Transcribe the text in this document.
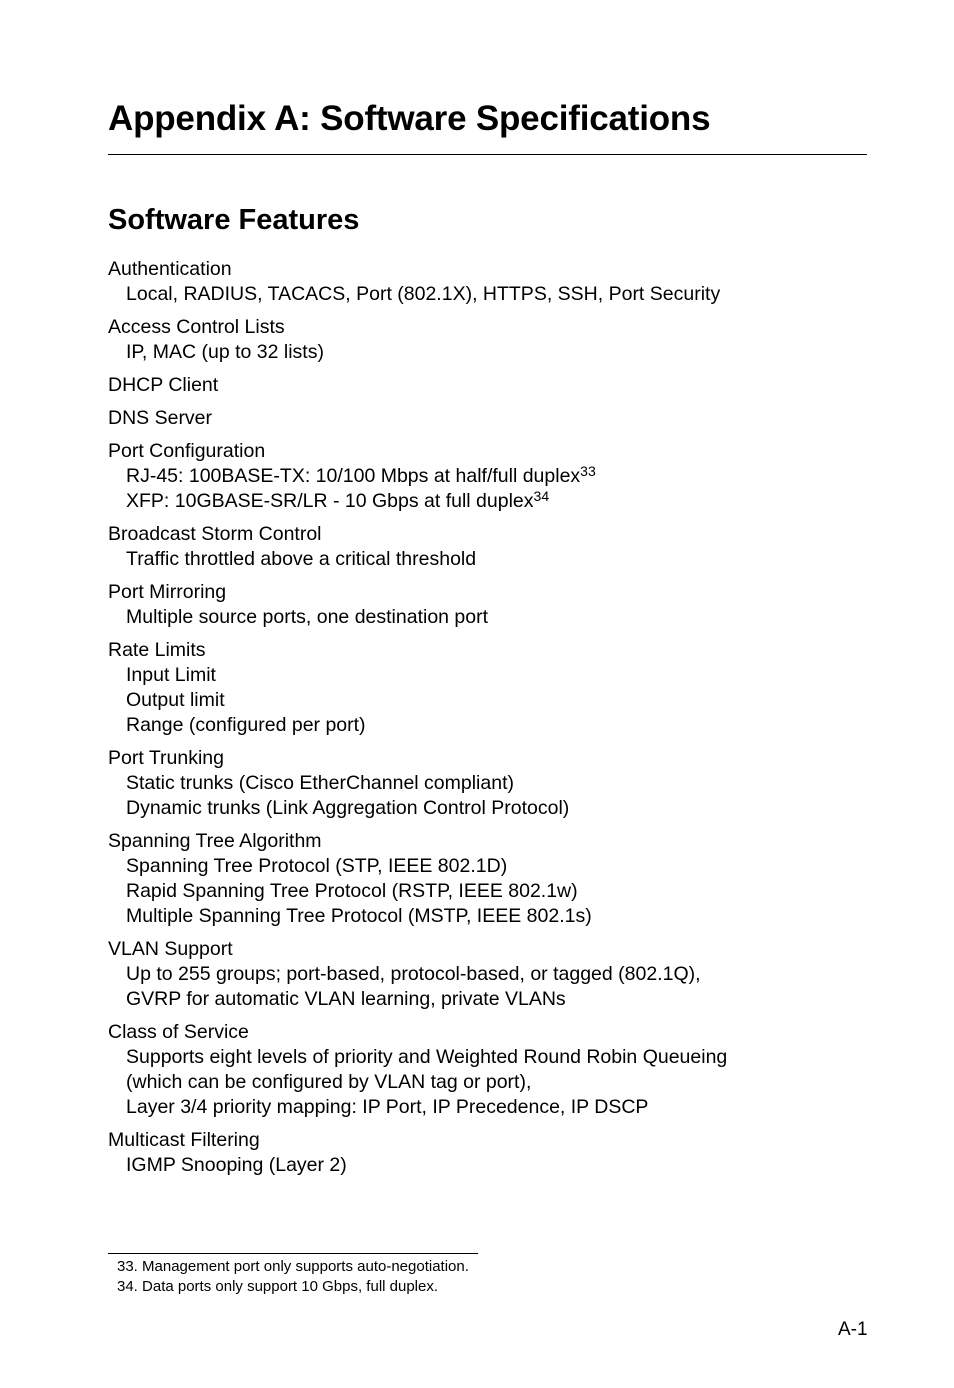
Appendix A: Software Specifications
Software Features
Authentication
Local, RADIUS, TACACS, Port (802.1X), HTTPS, SSH, Port Security
Access Control Lists
IP, MAC (up to 32 lists)
DHCP Client
DNS Server
Port Configuration
RJ-45: 100BASE-TX: 10/100 Mbps at half/full duplex$^{33}$
XFP: 10GBASE-SR/LR - 10 Gbps at full duplex$^{34}$
Broadcast Storm Control
Traffic throttled above a critical threshold
Port Mirroring
Multiple source ports, one destination port
Rate Limits
Input Limit
Output limit
Range (configured per port)
Port Trunking
Static trunks (Cisco EtherChannel compliant)
Dynamic trunks (Link Aggregation Control Protocol)
Spanning Tree Algorithm
Spanning Tree Protocol (STP, IEEE 802.1D)
Rapid Spanning Tree Protocol (RSTP, IEEE 802.1w)
Multiple Spanning Tree Protocol (MSTP, IEEE 802.1s)
VLAN Support
Up to 255 groups; port-based, protocol-based, or tagged (802.1Q),
GVRP for automatic VLAN learning, private VLANs
Class of Service
Supports eight levels of priority and Weighted Round Robin Queueing
(which can be configured by VLAN tag or port),
Layer 3/4 priority mapping: IP Port, IP Precedence, IP DSCP
Multicast Filtering
IGMP Snooping (Layer 2)
33. Management port only supports auto-negotiation.
34. Data ports only support 10 Gbps, full duplex.
A-1
